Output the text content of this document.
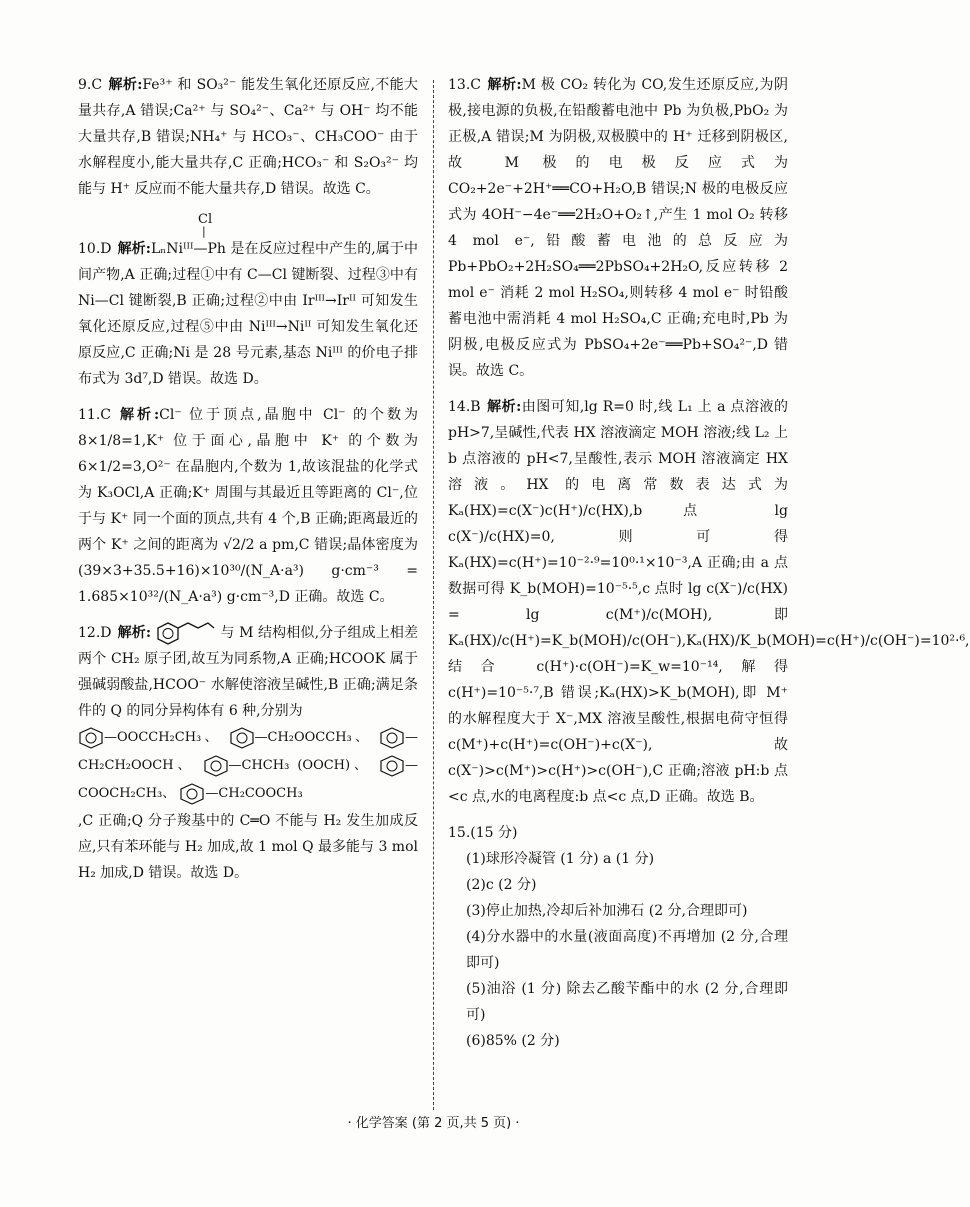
9.C 解析:Fe³⁺ 和 SO₃²⁻ 能发生氧化还原反应,不能大量共存,A 错误;Ca²⁺ 与 SO₄²⁻、Ca²⁺ 与 OH⁻ 均不能大量共存,B 错误;NH₄⁺ 与 HCO₃⁻、CH₃COO⁻ 由于水解程度小,能大量共存,C 正确;HCO₃⁻ 和 S₂O₃²⁻ 均能与 H⁺ 反应而不能大量共存,D 错误。故选 C。

Cl
|

10.D 解析:LₙNiᴵᴵᴵ—Ph 是在反应过程中产生的,属于中间产物,A 正确;过程①中有 C—Cl 键断裂、过程③中有 Ni—Cl 键断裂,B 正确;过程②中由 Irᴵᴵᴵ→Irᴵᴵ 可知发生氧化还原反应,过程⑤中由 Niᴵᴵᴵ→Niᴵᴵ 可知发生氧化还原反应,C 正确;Ni 是 28 号元素,基态 Niᴵᴵᴵ 的价电子排布式为 3d⁷,D 错误。故选 D。

11.C 解析:Cl⁻ 位于顶点,晶胞中 Cl⁻ 的个数为 8×1/8=1,K⁺ 位于面心,晶胞中 K⁺ 的个数为 6×1/2=3,O²⁻ 在晶胞内,个数为 1,故该混盐的化学式为 K₃OCl,A 正确;K⁺ 周围与其最近且等距离的 Cl⁻,位于与 K⁺ 同一个面的顶点,共有 4 个,B 正确;距离最近的两个 K⁺ 之间的距离为 √2/2 a pm,C 错误;晶体密度为 (39×3+35.5+16)×10³⁰/(N_A·a³) g·cm⁻³ = 1.685×10³²/(N_A·a³) g·cm⁻³,D 正确。故选 C。

12.D 解析:	与 M 结构相似,分子组成上相差两个 CH₂ 原子团,故互为同系物,A 正确;HCOOK 属于强碱弱酸盐,HCOO⁻ 水解使溶液呈碱性,B 正确;满足条件的 Q 的同分异构体有 6 种,分别为

—OOCCH₂CH₃、 —CH₂OOCCH₃、 —CH₂CH₂OOCH、 —CHCH₃ (OOCH)、 —COOCH₂CH₃、 —CH₂COOCH₃

,C 正确;Q 分子羧基中的 C═O 不能与 H₂ 发生加成反应,只有苯环能与 H₂ 加成,故 1 mol Q 最多能与 3 mol H₂ 加成,D 错误。故选 D。

13.C 解析:M 极 CO₂ 转化为 CO,发生还原反应,为阴极,接电源的负极,在铅酸蓄电池中 Pb 为负极,PbO₂ 为正极,A 错误;M 为阴极,双极膜中的 H⁺ 迁移到阴极区,故 M 极的电极反应式为 CO₂+2e⁻+2H⁺══CO+H₂O,B 错误;N 极的电极反应式为 4OH⁻−4e⁻══2H₂O+O₂↑,产生 1 mol O₂ 转移 4 mol e⁻,铅酸蓄电池的总反应为 Pb+PbO₂+2H₂SO₄══2PbSO₄+2H₂O,反应转移 2 mol e⁻ 消耗 2 mol H₂SO₄,则转移 4 mol e⁻ 时铅酸蓄电池中需消耗 4 mol H₂SO₄,C 正确;充电时,Pb 为阴极,电极反应式为 PbSO₄+2e⁻══Pb+SO₄²⁻,D 错误。故选 C。

14.B 解析:由图可知,lg R=0 时,线 L₁ 上 a 点溶液的 pH>7,呈碱性,代表 HX 溶液滴定 MOH 溶液;线 L₂ 上 b 点溶液的 pH<7,呈酸性,表示 MOH 溶液滴定 HX 溶液。HX 的电离常数表达式为 Kₐ(HX)=c(X⁻)c(H⁺)/c(HX),b 点 lg c(X⁻)/c(HX)=0,则可得 Kₐ(HX)=c(H⁺)=10⁻²·⁹=10⁰·¹×10⁻³,A 正确;由 a 点数据可得 K_b(MOH)=10⁻⁵·⁵,c 点时 lg c(X⁻)/c(HX) = lg c(M⁺)/c(MOH),即 Kₐ(HX)/c(H⁺)=K_b(MOH)/c(OH⁻),Kₐ(HX)/K_b(MOH)=c(H⁺)/c(OH⁻)=10²·⁶,结合 c(H⁺)·c(OH⁻)=K_w=10⁻¹⁴,解得 c(H⁺)=10⁻⁵·⁷,B 错误;Kₐ(HX)>K_b(MOH),即 M⁺ 的水解程度大于 X⁻,MX 溶液呈酸性,根据电荷守恒得 c(M⁺)+c(H⁺)=c(OH⁻)+c(X⁻),故 c(X⁻)>c(M⁺)>c(H⁺)>c(OH⁻),C 正确;溶液 pH:b 点<c 点,水的电离程度:b 点<c 点,D 正确。故选 B。

15.(15 分)

(1)球形冷凝管 (1 分) a (1 分)

(2)c (2 分)

(3)停止加热,冷却后补加沸石 (2 分,合理即可)

(4)分水器中的水量(液面高度)不再增加 (2 分,合理即可)

(5)油浴 (1 分) 除去乙酸苄酯中的水 (2 分,合理即可)

(6)85% (2 分)

· 化学答案 (第 2 页,共 5 页) ·
